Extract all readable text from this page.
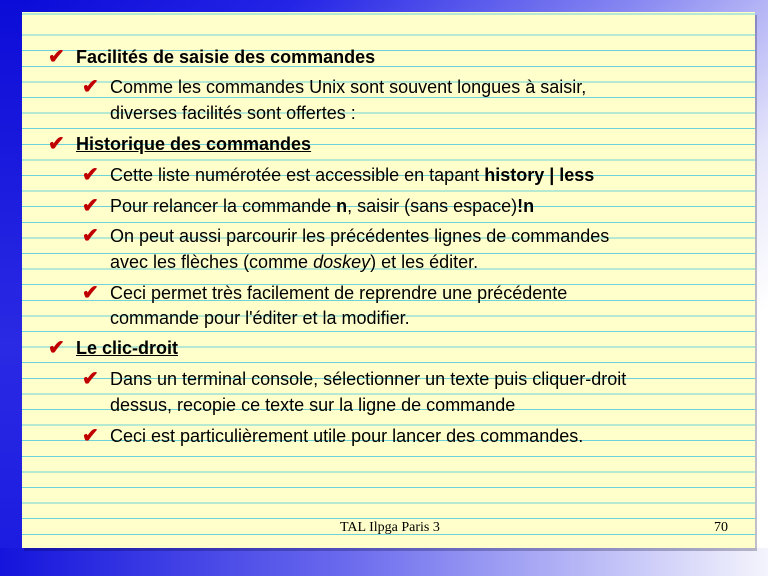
✔ Facilités de saisie des commandes
✔ Comme les commandes Unix sont souvent longues à saisir,
diverses facilités sont offertes :
✔ Historique des commandes
✔ Cette liste numérotée est accessible en tapant history | less
✔ Pour relancer la commande n, saisir (sans espace)!n
✔ On peut aussi parcourir les précédentes lignes de commandes
avec les flèches (comme doskey) et les éditer.
✔ Ceci permet très facilement de reprendre une précédente
commande pour l'éditer et la modifier.
✔ Le clic-droit
✔ Dans un terminal console, sélectionner un texte puis cliquer-droit
dessus, recopie ce texte sur la ligne de commande
✔ Ceci est particulièrement utile pour lancer des commandes.
TAL Ilpga Paris 3	70
